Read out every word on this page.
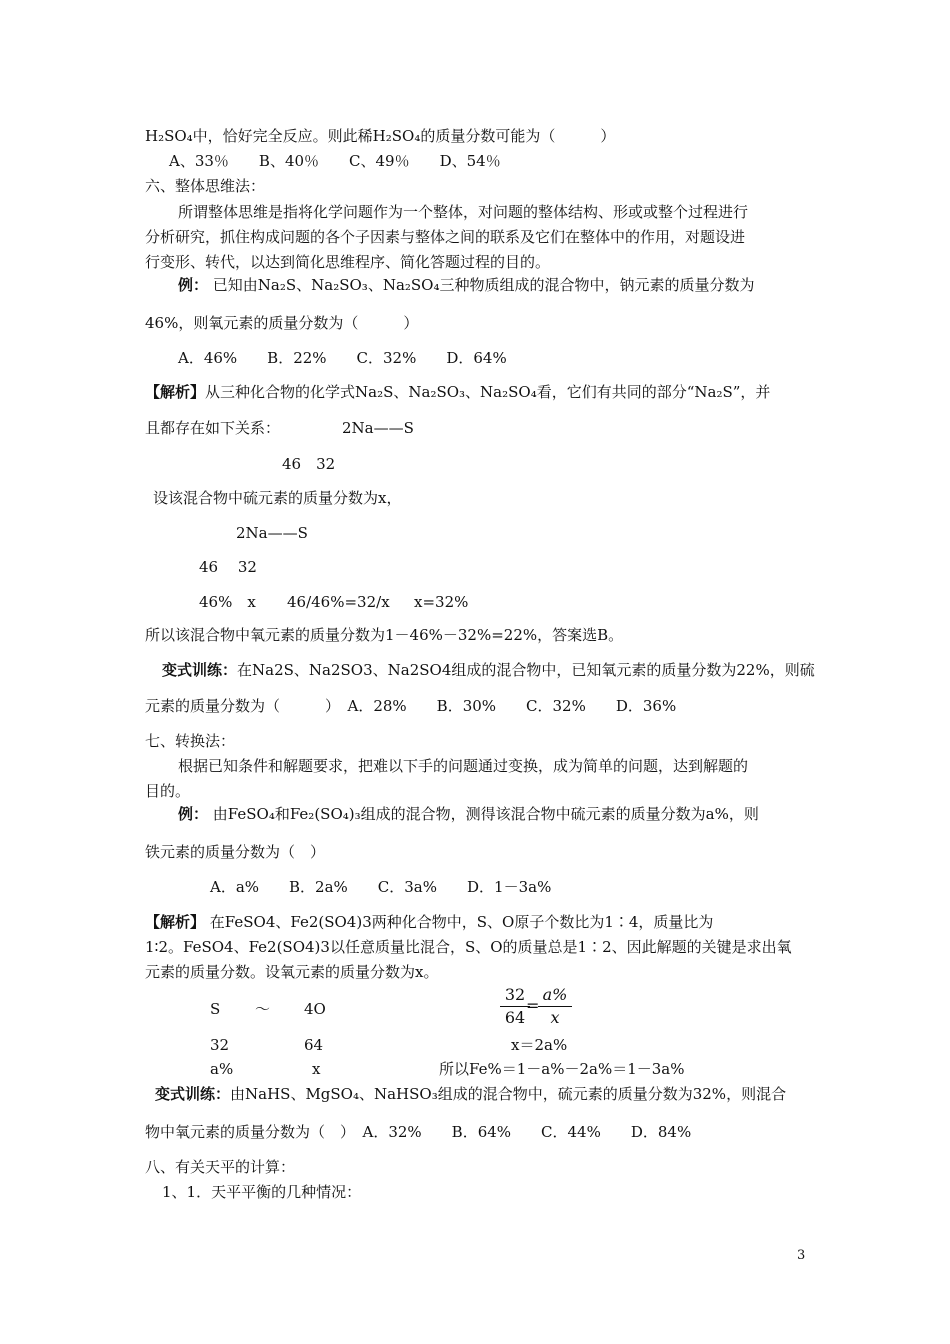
H₂SO₄中，恰好完全反应。则此稀H₂SO₄的质量分数可能为（　　　）
A、33％　　B、40％　　C、49％　　D、54％
六、整体思维法：
所谓整体思维是指将化学问题作为一个整体，对问题的整体结构、形或或整个过程进行
分析研究，抓住构成问题的各个子因素与整体之间的联系及它们在整体中的作用，对题设进
行变形、转代，以达到简化思维程序、简化答题过程的目的。
例： 已知由Na₂S、Na₂SO₃、Na₂SO₄三种物质组成的混合物中，钠元素的质量分数为
46%，则氧元素的质量分数为（　　　）
A．46%　　B．22%　　C．32%　　D．64%
【解析】从三种化合物的化学式Na₂S、Na₂SO₃、Na₂SO₄看，它们有共同的部分“Na₂S”，并
且都存在如下关系：	2Na——S
46　32
设该混合物中硫元素的质量分数为x，
2Na——S
46　 32
46%　x 46/46%=32/x x=32%
所以该混合物中氧元素的质量分数为1－46%－32%=22%，答案选B。
变式训练：在Na2S、Na2SO3、Na2SO4组成的混合物中，已知氧元素的质量分数为22%，则硫
元素的质量分数为（　　　）　A．28%　　B．30%　　C．32%　　D．36%
七、转换法：
根据已知条件和解题要求，把难以下手的问题通过变换，成为简单的问题，达到解题的
目的。
例： 由FeSO₄和Fe₂(SO₄)₃组成的混合物，测得该混合物中硫元素的质量分数为a%，则
铁元素的质量分数为（　）
A．a%　　B．2a%　　C．3a%　　D．1－3a%
【解析】 在FeSO4、Fe2(SO4)3两种化合物中，S、O原子个数比为1∶4，质量比为
1∶2。FeSO4、Fe2(SO4)3以任意质量比混合，S、O的质量总是1∶2、因此解题的关键是求出氧
元素的质量分数。设氧元素的质量分数为x。
S ～ 4O
32
64
=
a%
x
32	64	x＝2a%
a%	x	所以Fe%＝1－a%－2a%＝1－3a%
变式训练：由NaHS、MgSO₄、NaHSO₃组成的混合物中，硫元素的质量分数为32%，则混合
物中氧元素的质量分数为（　）　A．32%　　B．64%　　C．44%　　D．84%
八、有关天平的计算：
1、1．天平平衡的几种情况：
3
